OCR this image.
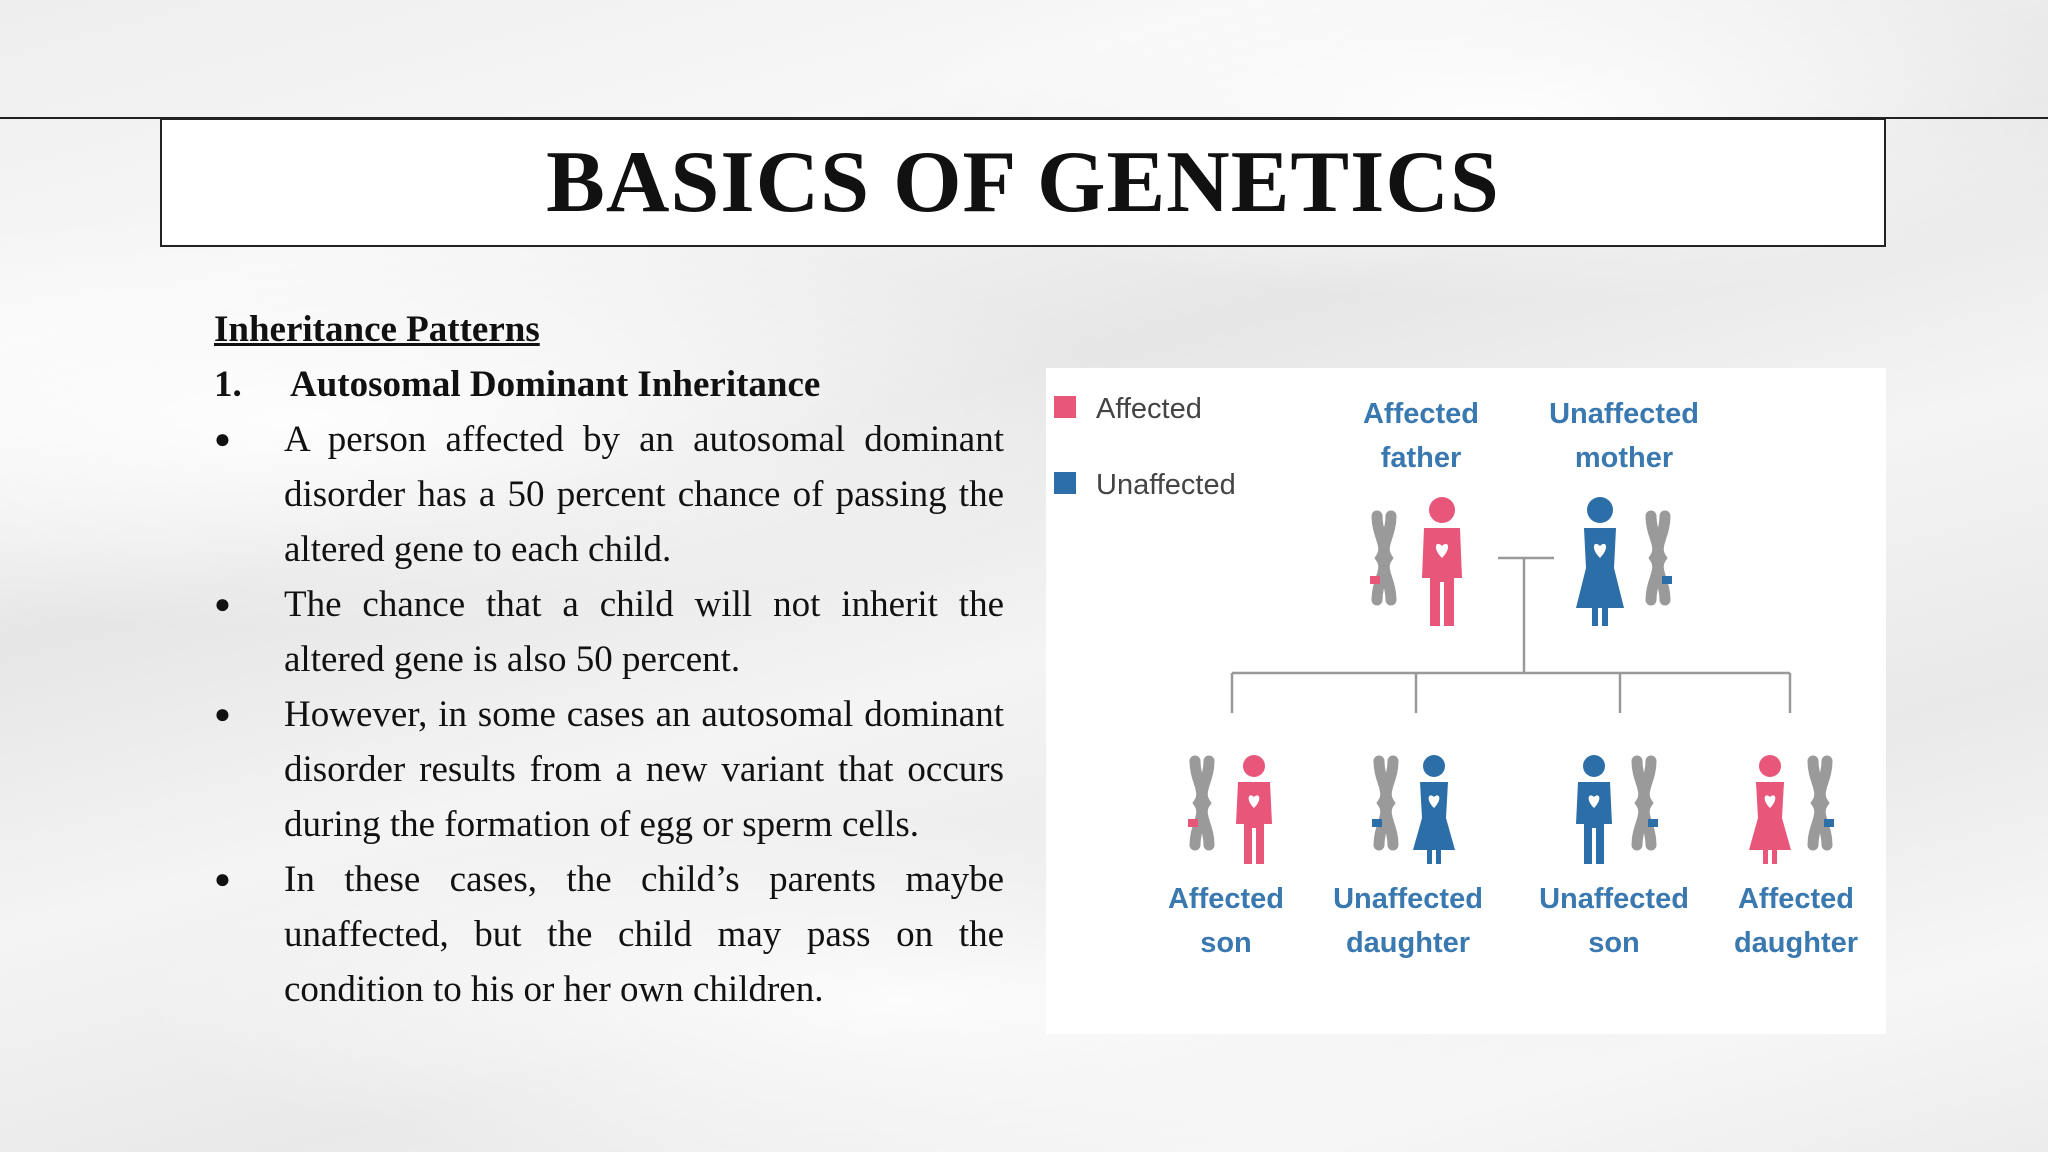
BASICS OF GENETICS
Inheritance Patterns
1.	Autosomal Dominant Inheritance
●	A person affected by an autosomal dominant disorder has a 50 percent chance of passing the altered gene to each child.
●	The chance that a child will not inherit the altered gene is also 50 percent.
●	However, in some cases an autosomal dominant disorder results from a new variant that occurs during the formation of egg or sperm cells.
●	In these cases, the child’s parents maybe unaffected, but the child may pass on the condition to his or her own children.
Affected
Unaffected
Affected
father
Unaffected
mother
Affected
son
Unaffected
daughter
Unaffected
son
Affected
daughter
